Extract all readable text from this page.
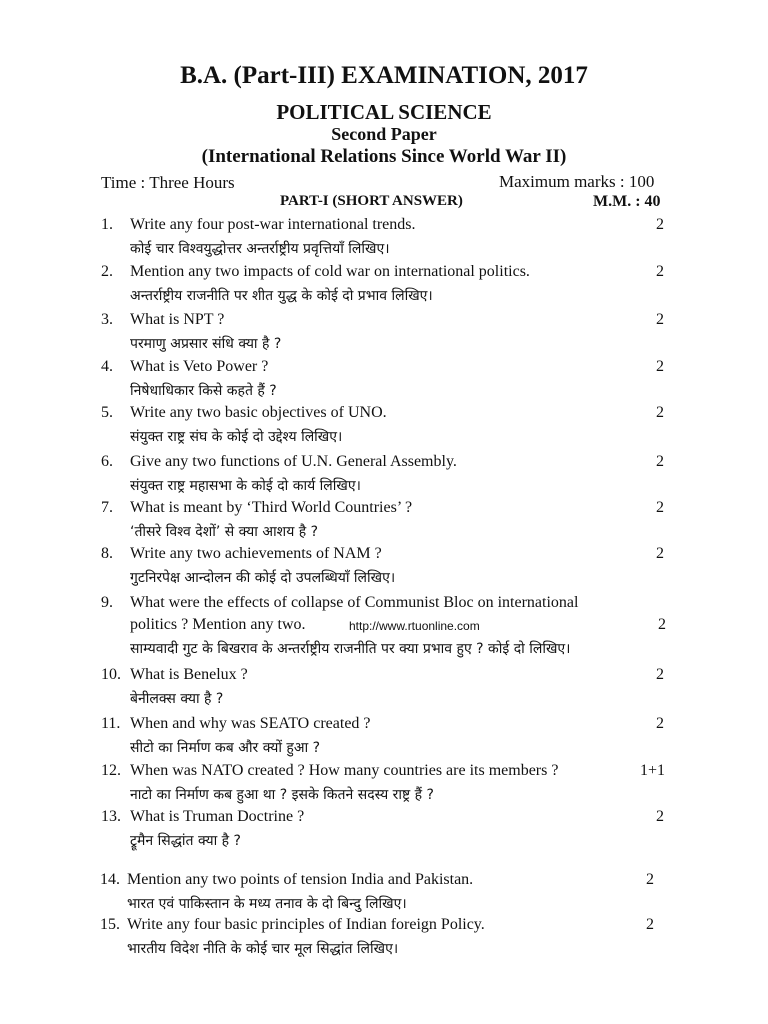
B.A. (Part-III) EXAMINATION, 2017
POLITICAL SCIENCE
Second Paper
(International Relations Since World War II)
Time : Three Hours	Maximum marks : 100
PART-I (SHORT ANSWER)	M.M. : 40
1. Write any four post-war international trends.	2
कोई चार विश्वयुद्धोत्तर अन्तर्राष्ट्रीय प्रवृत्तियाँ लिखिए।
2. Mention any two impacts of cold war on international politics.	2
अन्तर्राष्ट्रीय राजनीति पर शीत युद्ध के कोई दो प्रभाव लिखिए।
3. What is NPT ?	2
परमाणु अप्रसार संधि क्या है ?
4. What is Veto Power ?	2
निषेधाधिकार किसे कहते हैं ?
5. Write any two basic objectives of UNO.	2
संयुक्त राष्ट्र संघ के कोई दो उद्देश्य लिखिए।
6. Give any two functions of U.N. General Assembly.	2
संयुक्त राष्ट्र महासभा के कोई दो कार्य लिखिए।
7. What is meant by ‘Third World Countries’ ?	2
‘तीसरे विश्व देशों’ से क्या आशय है ?
8. Write any two achievements of NAM ?	2
गुटनिरपेक्ष आन्दोलन की कोई दो उपलब्धियाँ लिखिए।
9. What were the effects of collapse of Communist Bloc on international
politics ? Mention any two.	http://www.rtuonline.com	2
साम्यवादी गुट के बिखराव के अन्तर्राष्ट्रीय राजनीति पर क्या प्रभाव हुए ? कोई दो लिखिए।
10. What is Benelux ?	2
बेनीलक्स क्या है ?
11. When and why was SEATO created ?	2
सीटो का निर्माण कब और क्यों हुआ ?
12. When was NATO created ? How many countries are its members ?	1+1
नाटो का निर्माण कब हुआ था ? इसके कितने सदस्य राष्ट्र हैं ?
13. What is Truman Doctrine ?	2
ट्रूमैन सिद्धांत क्या है ?
14. Mention any two points of tension India and Pakistan.	2
भारत एवं पाकिस्तान के मध्य तनाव के दो बिन्दु लिखिए।
15. Write any four basic principles of Indian foreign Policy.	2
भारतीय विदेश नीति के कोई चार मूल सिद्धांत लिखिए।
